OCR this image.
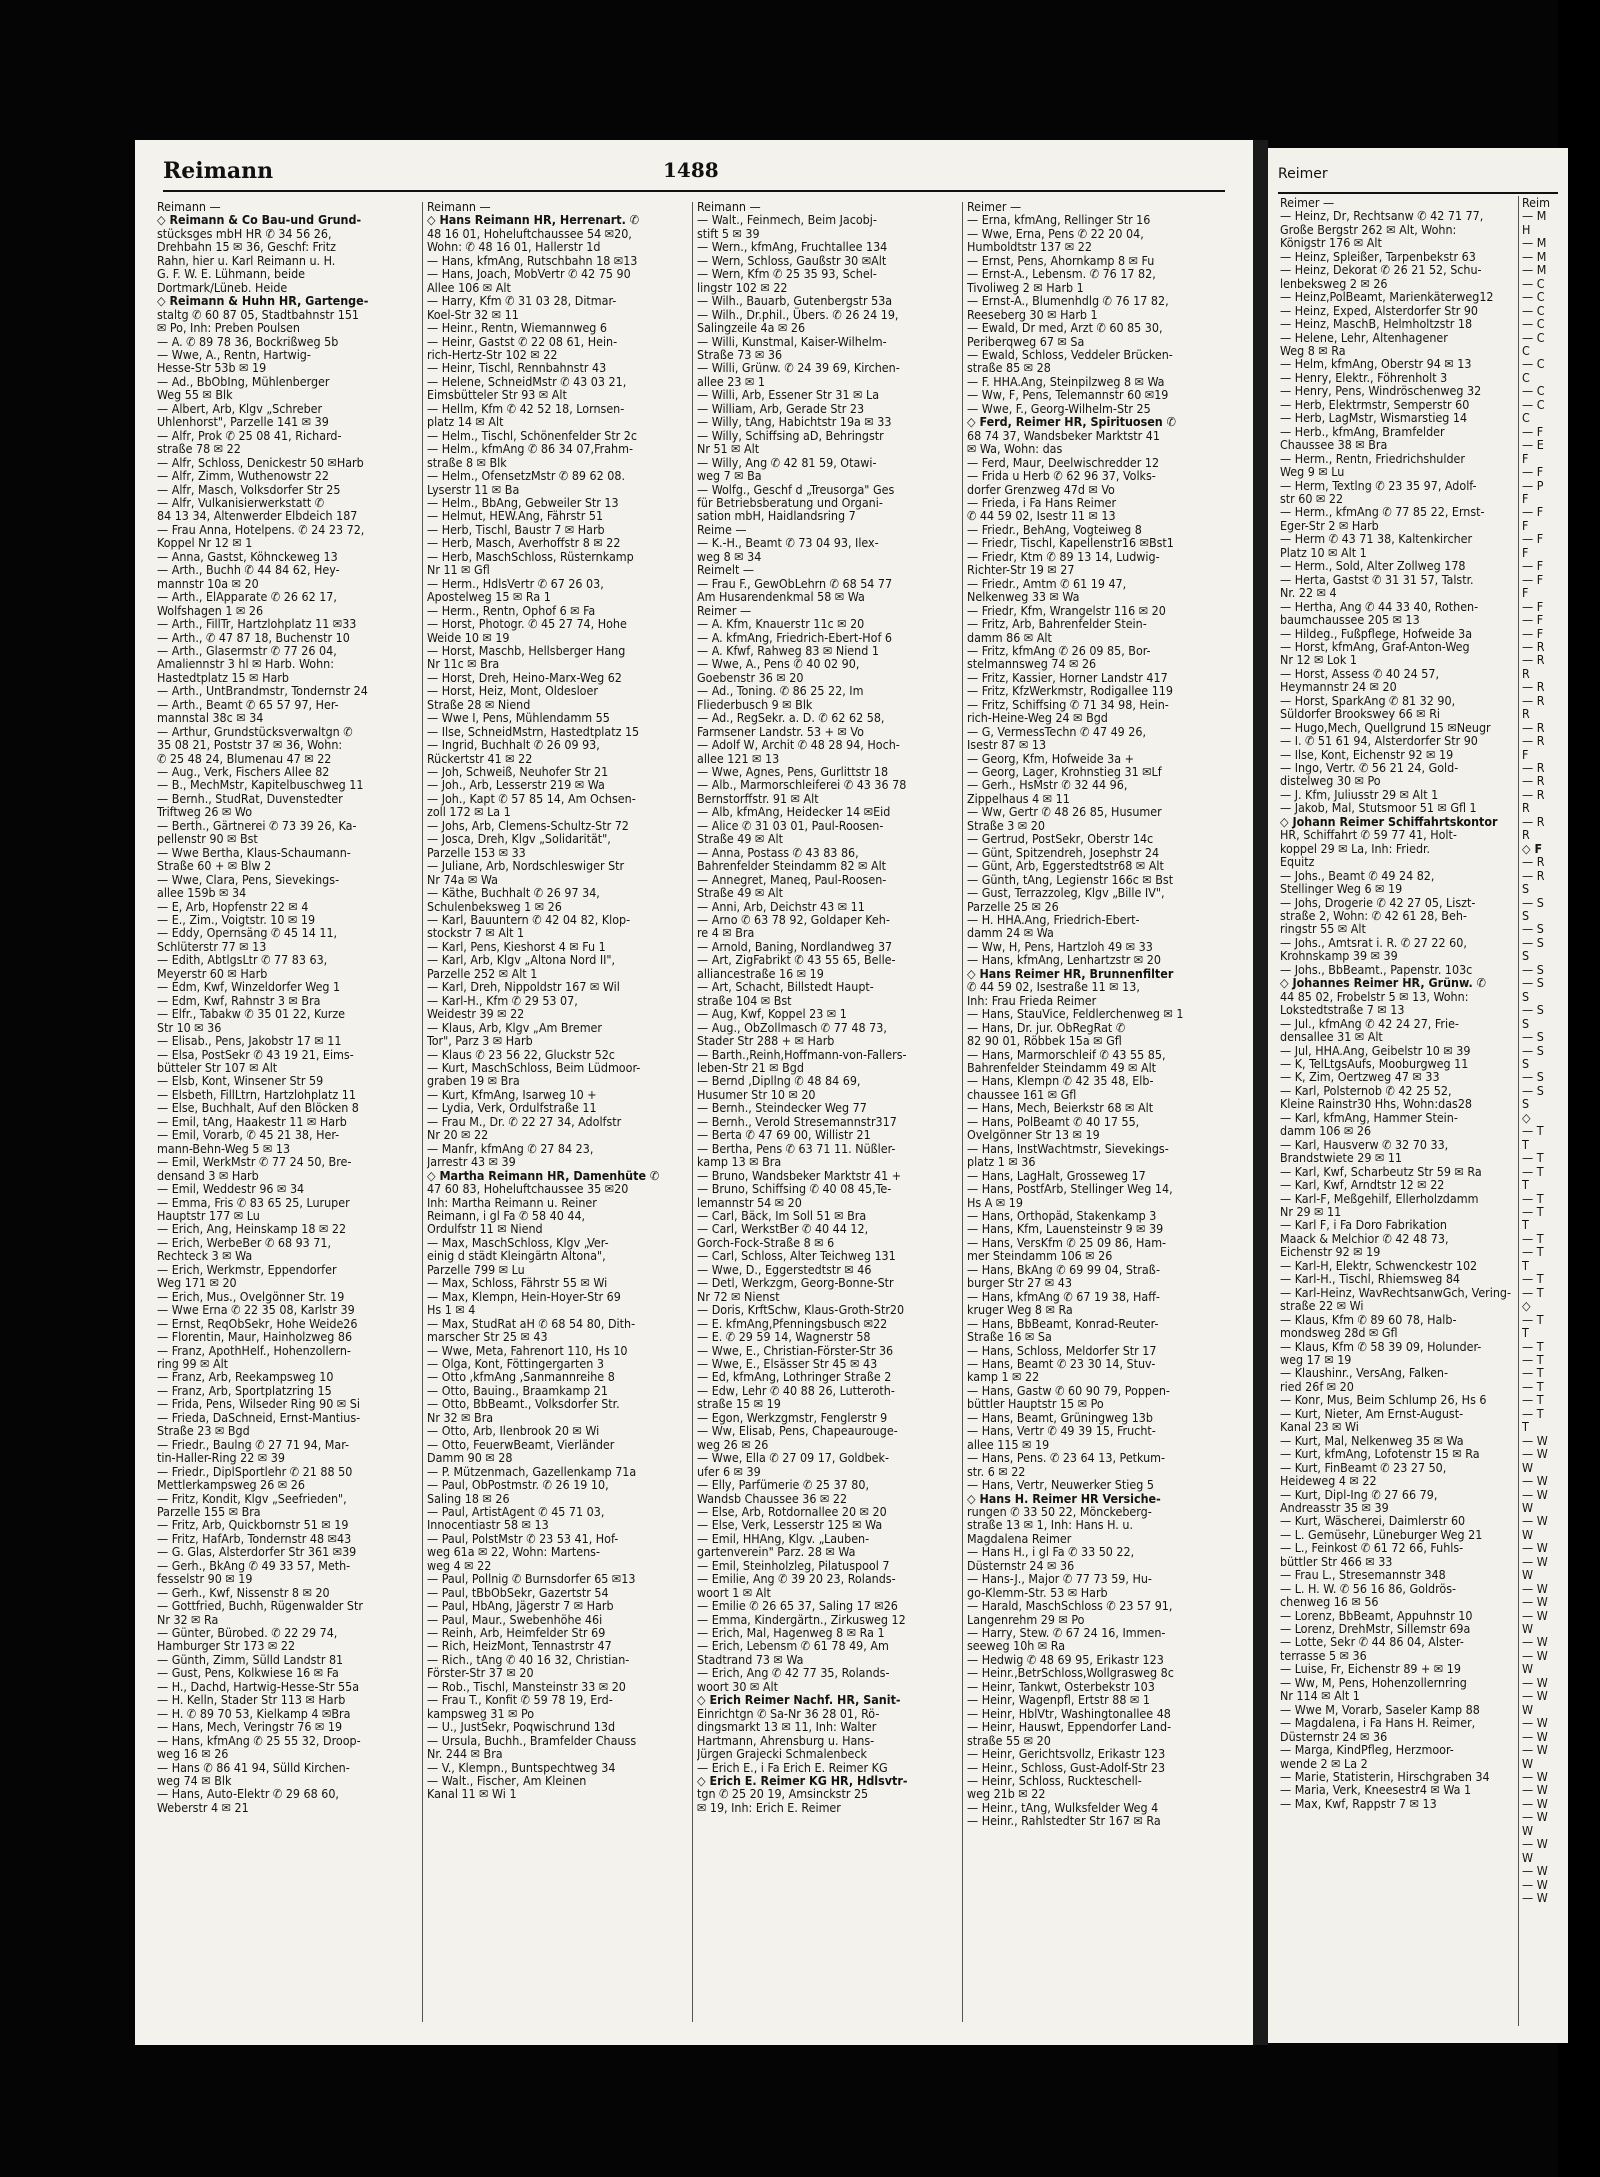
Reimann	1488
Reimann —
◇ Reimann & Co Bau-und Grund-
stücksges mbH HR ✆ 34 56 26,
Drehbahn 15 ✉ 36, Geschf: Fritz
Rahn, hier u. Karl Reimann u. H.
G. F. W. E. Lühmann, beide
Dortmark/Lüneb. Heide
◇ Reimann & Huhn HR, Gartenge-
staltg ✆ 60 87 05, Stadtbahnstr 151
✉ Po, Inh: Preben Poulsen
— A. ✆ 89 78 36, Bockrißweg 5b
— Wwe, A., Rentn, Hartwig-
Hesse-Str 53b ✉ 19
— Ad., BbObIng, Mühlenberger
Weg 55 ✉ Blk
— Albert, Arb, Klgv „Schreber
Uhlenhorst", Parzelle 141 ✉ 39
— Alfr, Prok ✆ 25 08 41, Richard-
straße 78 ✉ 22
— Alfr, Schloss, Denickestr 50 ✉Harb
— Alfr, Zimm, Wuthenowstr 22
— Alfr, Masch, Volksdorfer Str 25
— Alfr, Vulkanisierwerkstatt ✆
84 13 34, Altenwerder Elbdeich 187
— Frau Anna, Hotelpens. ✆ 24 23 72,
Koppel Nr 12 ✉ 1
— Anna, Gastst, Köhnckeweg 13
— Arth., Buchh ✆ 44 84 62, Hey-
mannstr 10a ✉ 20
— Arth., ElApparate ✆ 26 62 17,
Wolfshagen 1 ✉ 26
— Arth., FillTr, Hartzlohplatz 11 ✉33
— Arth., ✆ 47 87 18, Buchenstr 10
— Arth., Glasermstr ✆ 77 26 04,
Amaliennstr 3 hl ✉ Harb. Wohn:
Hastedtplatz 15 ✉ Harb
— Arth., UntBrandmstr, Tondernstr 24
— Arth., Beamt ✆ 65 57 97, Her-
mannstal 38c ✉ 34
— Arthur, Grundstücksverwaltgn ✆
35 08 21, Poststr 37 ✉ 36, Wohn:
✆ 25 48 24, Blumenau 47 ✉ 22
— Aug., Verk, Fischers Allee 82
— B., MechMstr, Kapitelbuschweg 11
— Bernh., StudRat, Duvenstedter
Triftweg 26 ✉ Wo
— Berth., Gärtnerei ✆ 73 39 26, Ka-
pellenstr 90 ✉ Bst
— Wwe Bertha, Klaus-Schaumann-
Straße 60 + ✉ Blw 2
— Wwe, Clara, Pens, Sievekings-
allee 159b ✉ 34
— E, Arb, Hopfenstr 22 ✉ 4
— E., Zim., Voigtstr. 10 ✉ 19
— Eddy, Opernsäng ✆ 45 14 11,
Schlüterstr 77 ✉ 13
— Edith, AbtlgsLtr ✆ 77 83 63,
Meyerstr 60 ✉ Harb
— Edm, Kwf, Winzeldorfer Weg 1
— Edm, Kwf, Rahnstr 3 ✉ Bra
— Elfr., Tabakw ✆ 35 01 22, Kurze
Str 10 ✉ 36
— Elisab., Pens, Jakobstr 17 ✉ 11
— Elsa, PostSekr ✆ 43 19 21, Eims-
bütteler Str 107 ✉ Alt
— Elsb, Kont, Winsener Str 59
— Elsbeth, FillLtrn, Hartzlohplatz 11
— Else, Buchhalt, Auf den Blöcken 8
— Emil, tAng, Haakestr 11 ✉ Harb
— Emil, Vorarb, ✆ 45 21 38, Her-
mann-Behn-Weg 5 ✉ 13
— Emil, WerkMstr ✆ 77 24 50, Bre-
densand 3 ✉ Harb
— Emil, Weddestr 96 ✉ 34
— Emma, Fris ✆ 83 65 25, Luruper
Hauptstr 177 ✉ Lu
— Erich, Ang, Heinskamp 18 ✉ 22
— Erich, WerbeBer ✆ 68 93 71,
Rechteck 3 ✉ Wa
— Erich, Werkmstr, Eppendorfer
Weg 171 ✉ 20
— Erich, Mus., Ovelgönner Str. 19
— Wwe Erna ✆ 22 35 08, Karlstr 39
— Ernst, ReqObSekr, Hohe Weide26
— Florentin, Maur, Hainholzweg 86
— Franz, ApothHelf., Hohenzollern-
ring 99 ✉ Alt
— Franz, Arb, Reekampsweg 10
— Franz, Arb, Sportplatzring 15
— Frida, Pens, Wilseder Ring 90 ✉ Si
— Frieda, DaSchneid, Ernst-Mantius-
Straße 23 ✉ Bgd
— Friedr., Baulng ✆ 27 71 94, Mar-
tin-Haller-Ring 22 ✉ 39
— Friedr., DiplSportlehr ✆ 21 88 50
Mettlerkampsweg 26 ✉ 26
— Fritz, Kondit, Klgv „Seefrieden",
Parzelle 155 ✉ Bra
— Fritz, Arb, Quickbornstr 51 ✉ 19
— Fritz, HafArb, Tondernstr 48 ✉43
— G. Glas, Alsterdorfer Str 361 ✉39
— Gerh., BkAng ✆ 49 33 57, Meth-
fesselstr 90 ✉ 19
— Gerh., Kwf, Nissenstr 8 ✉ 20
— Gottfried, Buchh, Rügenwalder Str
Nr 32 ✉ Ra
— Günter, Bürobed. ✆ 22 29 74,
Hamburger Str 173 ✉ 22
— Günth, Zimm, Sülld Landstr 81
— Gust, Pens, Kolkwiese 16 ✉ Fa
— H., Dachd, Hartwig-Hesse-Str 55a
— H. Kelln, Stader Str 113 ✉ Harb
— H. ✆ 89 70 53, Kielkamp 4 ✉Bra
— Hans, Mech, Veringstr 76 ✉ 19
— Hans, kfmAng ✆ 25 55 32, Droop-
weg 16 ✉ 26
— Hans ✆ 86 41 94, Sülld Kirchen-
weg 74 ✉ Blk
— Hans, Auto-Elektr ✆ 29 68 60,
Weberstr 4 ✉ 21
Reimann —
◇ Hans Reimann HR, Herrenart. ✆
48 16 01, Hoheluftchaussee 54 ✉20,
Wohn: ✆ 48 16 01, Hallerstr 1d
— Hans, kfmAng, Rutschbahn 18 ✉13
— Hans, Joach, MobVertr ✆ 42 75 90
Allee 106 ✉ Alt
— Harry, Kfm ✆ 31 03 28, Ditmar-
Koel-Str 32 ✉ 11
— Heinr., Rentn, Wiemannweg 6
— Heinr, Gastst ✆ 22 08 61, Hein-
rich-Hertz-Str 102 ✉ 22
— Heinr, Tischl, Rennbahnstr 43
— Helene, SchneidMstr ✆ 43 03 21,
Eimsbütteler Str 93 ✉ Alt
— Hellm, Kfm ✆ 42 52 18, Lornsen-
platz 14 ✉ Alt
— Helm., Tischl, Schönenfelder Str 2c
— Helm., kfmAng ✆ 86 34 07,Frahm-
straße 8 ✉ Blk
— Helm., OfensetzMstr ✆ 89 62 08.
Lyserstr 11 ✉ Ba
— Helm., BbAng, Gebweiler Str 13
— Helmut, HEW.Ang, Fährstr 51
— Herb, Tischl, Baustr 7 ✉ Harb
— Herb, Masch, Averhoffstr 8 ✉ 22
— Herb, MaschSchloss, Rüsternkamp
Nr 11 ✉ Gfl
— Herm., HdlsVertr ✆ 67 26 03,
Apostelweg 15 ✉ Ra 1
— Herm., Rentn, Ophof 6 ✉ Fa
— Horst, Photogr. ✆ 45 27 74, Hohe
Weide 10 ✉ 19
— Horst, Maschb, Hellsberger Hang
Nr 11c ✉ Bra
— Horst, Dreh, Heino-Marx-Weg 62
— Horst, Heiz, Mont, Oldesloer
Straße 28 ✉ Niend
— Wwe I, Pens, Mühlendamm 55
— Ilse, SchneidMstrn, Hastedtplatz 15
— Ingrid, Buchhalt ✆ 26 09 93,
Rückertstr 41 ✉ 22
— Joh, Schweiß, Neuhofer Str 21
— Joh., Arb, Lesserstr 219 ✉ Wa
— Joh., Kapt ✆ 57 85 14, Am Ochsen-
zoll 172 ✉ La 1
— Johs, Arb, Clemens-Schultz-Str 72
— Josca, Dreh, Klgv „Solidarität",
Parzelle 153 ✉ 33
— Juliane, Arb, Nordschleswiger Str
Nr 74a ✉ Wa
— Käthe, Buchhalt ✆ 26 97 34,
Schulenbeksweg 1 ✉ 26
— Karl, Bauuntern ✆ 42 04 82, Klop-
stockstr 7 ✉ Alt 1
— Karl, Pens, Kieshorst 4 ✉ Fu 1
— Karl, Arb, Klgv „Altona Nord II",
Parzelle 252 ✉ Alt 1
— Karl, Dreh, Nippoldstr 167 ✉ Wil
— Karl-H., Kfm ✆ 29 53 07,
Weidestr 39 ✉ 22
— Klaus, Arb, Klgv „Am Bremer
Tor", Parz 3 ✉ Harb
— Klaus ✆ 23 56 22, Gluckstr 52c
— Kurt, MaschSchloss, Beim Lüdmoor-
graben 19 ✉ Bra
— Kurt, KfmAng, Isarweg 10 +
— Lydia, Verk, Ordulfstraße 11
— Frau M., Dr. ✆ 22 27 34, Adolfstr
Nr 20 ✉ 22
— Manfr, kfmAng ✆ 27 84 23,
Jarrestr 43 ✉ 39
◇ Martha Reimann HR, Damenhüte ✆
47 60 83, Hoheluftchaussee 35 ✉20
Inh: Martha Reimann u. Reiner
Reimann, i gl Fa ✆ 58 40 44,
Ordulfstr 11 ✉ Niend
— Max, MaschSchloss, Klgv „Ver-
einig d städt Kleingärtn Altona",
Parzelle 799 ✉ Lu
— Max, Schloss, Fährstr 55 ✉ Wi
— Max, Klempn, Hein-Hoyer-Str 69
Hs 1 ✉ 4
— Max, StudRat aH ✆ 68 54 80, Dith-
marscher Str 25 ✉ 43
— Wwe, Meta, Fahrenort 110, Hs 10
— Olga, Kont, Föttingergarten 3
— Otto ,kfmAng ,Sanmannreihe 8
— Otto, Bauing., Braamkamp 21
— Otto, BbBeamt., Volksdorfer Str.
Nr 32 ✉ Bra
— Otto, Arb, Ilenbrook 20 ✉ Wi
— Otto, FeuerwBeamt, Vierländer
Damm 90 ✉ 28
— P. Mützenmach, Gazellenkamp 71a
— Paul, ObPostmstr. ✆ 26 19 10,
Saling 18 ✉ 26
— Paul, ArtistAgent ✆ 45 71 03,
Innocentiastr 58 ✉ 13
— Paul, PolstMstr ✆ 23 53 41, Hof-
weg 61a ✉ 22, Wohn: Martens-
weg 4 ✉ 22
— Paul, Pollnig ✆ Burnsdorfer 65 ✉13
— Paul, tBbObSekr, Gazertstr 54
— Paul, HbAng, Jägerstr 7 ✉ Harb
— Paul, Maur., Swebenhöhe 46i
— Reinh, Arb, Heimfelder Str 69
— Rich, HeizMont, Tennastrstr 47
— Rich., tAng ✆ 40 16 32, Christian-
Förster-Str 37 ✉ 20
— Rob., Tischl, Mansteinstr 33 ✉ 20
— Frau T., Konfit ✆ 59 78 19, Erd-
kampsweg 31 ✉ Po
— U., JustSekr, Poqwischrund 13d
— Ursula, Buchh., Bramfelder Chauss
Nr. 244 ✉ Bra
— V., Klempn., Buntspechtweg 34
— Walt., Fischer, Am Kleinen
Kanal 11 ✉ Wi 1
Reimann —
— Walt., Feinmech, Beim Jacobj-
stift 5 ✉ 39
— Wern., kfmAng, Fruchtallee 134
— Wern, Schloss, Gaußstr 30 ✉Alt
— Wern, Kfm ✆ 25 35 93, Schel-
lingstr 102 ✉ 22
— Wilh., Bauarb, Gutenbergstr 53a
— Wilh., Dr.phil., Übers. ✆ 26 24 19,
Salingzeile 4a ✉ 26
— Willi, Kunstmal, Kaiser-Wilhelm-
Straße 73 ✉ 36
— Willi, Grünw. ✆ 24 39 69, Kirchen-
allee 23 ✉ 1
— Willi, Arb, Essener Str 31 ✉ La
— William, Arb, Gerade Str 23
— Willy, tAng, Habichtstr 19a ✉ 33
— Willy, Schiffsing aD, Behringstr
Nr 51 ✉ Alt
— Willy, Ang ✆ 42 81 59, Otawi-
weg 7 ✉ Ba
— Wolfg., Geschf d „Treusorga" Ges
für Betriebsberatung und Organi-
sation mbH, Haidlandsring 7
Reime —
— K.-H., Beamt ✆ 73 04 93, Ilex-
weg 8 ✉ 34
Reimelt —
— Frau F., GewObLehrn ✆ 68 54 77
Am Husarendenkmal 58 ✉ Wa
Reimer —
— A. Kfm, Knauerstr 11c ✉ 20
— A. kfmAng, Friedrich-Ebert-Hof 6
— A. Kfwf, Rahweg 83 ✉ Niend 1
— Wwe, A., Pens ✆ 40 02 90,
Goebenstr 36 ✉ 20
— Ad., Toning. ✆ 86 25 22, Im
Fliederbusch 9 ✉ Blk
— Ad., RegSekr. a. D. ✆ 62 62 58,
Farmsener Landstr. 53 + ✉ Vo
— Adolf W, Archit ✆ 48 28 94, Hoch-
allee 121 ✉ 13
— Wwe, Agnes, Pens, Gurlittstr 18
— Alb., Marmorschleiferei ✆ 43 36 78
Bernstorffstr. 91 ✉ Alt
— Alb, kfmAng, Heidecker 14 ✉Eid
— Alice ✆ 31 03 01, Paul-Roosen-
Straße 49 ✉ Alt
— Anna, Postass ✆ 43 83 86,
Bahrenfelder Steindamm 82 ✉ Alt
— Annegret, Maneq, Paul-Roosen-
Straße 49 ✉ Alt
— Anni, Arb, Deichstr 43 ✉ 11
— Arno ✆ 63 78 92, Goldaper Keh-
re 4 ✉ Bra
— Arnold, Baning, Nordlandweg 37
— Art, ZigFabrikt ✆ 43 55 65, Belle-
alliancestraße 16 ✉ 19
— Art, Schacht, Billstedt Haupt-
straße 104 ✉ Bst
— Aug, Kwf, Koppel 23 ✉ 1
— Aug., ObZollmasch ✆ 77 48 73,
Stader Str 288 + ✉ Harb
— Barth.,Reinh,Hoffmann-von-Fallers-
leben-Str 21 ✉ Bgd
— Bernd ,Dipllng ✆ 48 84 69,
Husumer Str 10 ✉ 20
— Bernh., Steindecker Weg 77
— Bernh., Verold Stresemannstr317
— Berta ✆ 47 69 00, Willistr 21
— Bertha, Pens ✆ 63 71 11. Nüßler-
kamp 13 ✉ Bra
— Bruno, Wandsbeker Marktstr 41 +
— Bruno, Schiffsing ✆ 40 08 45,Te-
lemannstr 54 ✉ 20
— Carl, Bäck, Im Soll 51 ✉ Bra
— Carl, WerkstBer ✆ 40 44 12,
Gorch-Fock-Straße 8 ✉ 6
— Carl, Schloss, Alter Teichweg 131
— Wwe, D., Eggerstedtstr ✉ 46
— Detl, Werkzgm, Georg-Bonne-Str
Nr 72 ✉ Nienst
— Doris, KrftSchw, Klaus-Groth-Str20
— E. kfmAng,Pfenningsbusch ✉22
— E. ✆ 29 59 14, Wagnerstr 58
— Wwe, E., Christian-Förster-Str 36
— Wwe, E., Elsässer Str 45 ✉ 43
— Ed, kfmAng, Lothringer Straße 2
— Edw, Lehr ✆ 40 88 26, Lutteroth-
straße 15 ✉ 19
— Egon, Werkzgmstr, Fenglerstr 9
— Ww, Elisab, Pens, Chapeaurouge-
weg 26 ✉ 26
— Wwe, Ella ✆ 27 09 17, Goldbek-
ufer 6 ✉ 39
— Elly, Parfümerie ✆ 25 37 80,
Wandsb Chaussee 36 ✉ 22
— Else, Arb, Rotdornallee 20 ✉ 20
— Else, Verk, Lesserstr 125 ✉ Wa
— Emil, HHAng, Klgv. „Lauben-
gartenverein" Parz. 28 ✉ Wa
— Emil, Steinholzleg, Pilatuspool 7
— Emilie, Ang ✆ 39 20 23, Rolands-
woort 1 ✉ Alt
— Emilie ✆ 26 65 37, Saling 17 ✉26
— Emma, Kindergärtn., Zirkusweg 12
— Erich, Mal, Hagenweg 8 ✉ Ra 1
— Erich, Lebensm ✆ 61 78 49, Am
Stadtrand 73 ✉ Wa
— Erich, Ang ✆ 42 77 35, Rolands-
woort 30 ✉ Alt
◇ Erich Reimer Nachf. HR, Sanit-
Einrichtgn ✆ Sa-Nr 36 28 01, Rö-
dingsmarkt 13 ✉ 11, Inh: Walter
Hartmann, Ahrensburg u. Hans-
Jürgen Grajecki Schmalenbeck
— Erich E., i Fa Erich E. Reimer KG
◇ Erich E. Reimer KG HR, Hdlsvtr-
tgn ✆ 25 20 19, Amsinckstr 25
✉ 19, Inh: Erich E. Reimer
Reimer —
— Erna, kfmAng, Rellinger Str 16
— Wwe, Erna, Pens ✆ 22 20 04,
Humboldtstr 137 ✉ 22
— Ernst, Pens, Ahornkamp 8 ✉ Fu
— Ernst-A., Lebensm. ✆ 76 17 82,
Tivoliweg 2 ✉ Harb 1
— Ernst-A., Blumenhdlg ✆ 76 17 82,
Reeseberg 30 ✉ Harb 1
— Ewald, Dr med, Arzt ✆ 60 85 30,
Periberqweg 67 ✉ Sa
— Ewald, Schloss, Veddeler Brücken-
straße 85 ✉ 28
— F. HHA.Ang, Steinpilzweg 8 ✉ Wa
— Ww, F, Pens, Telemannstr 60 ✉19
— Wwe, F., Georg-Wilhelm-Str 25
◇ Ferd, Reimer HR, Spirituosen ✆
68 74 37, Wandsbeker Marktstr 41
✉ Wa, Wohn: das
— Ferd, Maur, Deelwischredder 12
— Frida u Herb ✆ 62 96 37, Volks-
dorfer Grenzweg 47d ✉ Vo
— Frieda, i Fa Hans Reimer
✆ 44 59 02, Isestr 11 ✉ 13
— Friedr., BehAng, Vogteiweg 8
— Friedr, Tischl, Kapellenstr16 ✉Bst1
— Friedr, Ktm ✆ 89 13 14, Ludwig-
Richter-Str 19 ✉ 27
— Friedr., Amtm ✆ 61 19 47,
Nelkenweg 33 ✉ Wa
— Friedr, Kfm, Wrangelstr 116 ✉ 20
— Fritz, Arb, Bahrenfelder Stein-
damm 86 ✉ Alt
— Fritz, kfmAng ✆ 26 09 85, Bor-
stelmannsweg 74 ✉ 26
— Fritz, Kassier, Horner Landstr 417
— Fritz, KfzWerkmstr, Rodigallee 119
— Fritz, Schiffsing ✆ 71 34 98, Hein-
rich-Heine-Weg 24 ✉ Bgd
— G, VermessTechn ✆ 47 49 26,
Isestr 87 ✉ 13
— Georg, Kfm, Hofweide 3a +
— Georg, Lager, Krohnstieg 31 ✉Lf
— Gerh., HsMstr ✆ 32 44 96,
Zippelhaus 4 ✉ 11
— Ww, Gertr ✆ 48 26 85, Husumer
Straße 3 ✉ 20
— Gertrud, PostSekr, Oberstr 14c
— Günt, Spitzendreh, Josephstr 24
— Günt, Arb, Eggerstedtstr68 ✉ Alt
— Günth, tAng, Legienstr 166c ✉ Bst
— Gust, Terrazzoleg, Klgv „Bille IV",
Parzelle 25 ✉ 26
— H. HHA.Ang, Friedrich-Ebert-
damm 24 ✉ Wa
— Ww, H, Pens, Hartzloh 49 ✉ 33
— Hans, kfmAng, Lenhartzstr ✉ 20
◇ Hans Reimer HR, Brunnenfilter
✆ 44 59 02, Isestraße 11 ✉ 13,
Inh: Frau Frieda Reimer
— Hans, StauVice, Feldlerchenweg ✉ 1
— Hans, Dr. jur. ObRegRat ✆
82 90 01, Röbbek 15a ✉ Gfl
— Hans, Marmorschleif ✆ 43 55 85,
Bahrenfelder Steindamm 49 ✉ Alt
— Hans, Klempn ✆ 42 35 48, Elb-
chaussee 161 ✉ Gfl
— Hans, Mech, Beierkstr 68 ✉ Alt
— Hans, PolBeamt ✆ 40 17 55,
Ovelgönner Str 13 ✉ 19
— Hans, InstWachtmstr, Sievekings-
platz 1 ✉ 36
— Hans, LagHalt, Grosseweg 17
— Hans, PostfArb, Stellinger Weg 14,
Hs A ✉ 19
— Hans, Orthopäd, Stakenkamp 3
— Hans, Kfm, Lauensteinstr 9 ✉ 39
— Hans, VersKfm ✆ 25 09 86, Ham-
mer Steindamm 106 ✉ 26
— Hans, BkAng ✆ 69 99 04, Straß-
burger Str 27 ✉ 43
— Hans, kfmAng ✆ 67 19 38, Haff-
kruger Weg 8 ✉ Ra
— Hans, BbBeamt, Konrad-Reuter-
Straße 16 ✉ Sa
— Hans, Schloss, Meldorfer Str 17
— Hans, Beamt ✆ 23 30 14, Stuv-
kamp 1 ✉ 22
— Hans, Gastw ✆ 60 90 79, Poppen-
büttler Hauptstr 15 ✉ Po
— Hans, Beamt, Grüningweg 13b
— Hans, Vertr ✆ 49 39 15, Frucht-
allee 115 ✉ 19
— Hans, Pens. ✆ 23 64 13, Petkum-
str. 6 ✉ 22
— Hans, Vertr, Neuwerker Stieg 5
◇ Hans H. Reimer HR Versiche-
rungen ✆ 33 50 22, Mönckeberg-
straße 13 ✉ 1, Inh: Hans H. u.
Magdalena Reimer
— Hans H., i gl Fa ✆ 33 50 22,
Düsternstr 24 ✉ 36
— Hans-J., Major ✆ 77 73 59, Hu-
go-Klemm-Str. 53 ✉ Harb
— Harald, MaschSchloss ✆ 23 57 91,
Langenrehm 29 ✉ Po
— Harry, Stew. ✆ 67 24 16, Immen-
seeweg 10h ✉ Ra
— Hedwig ✆ 48 69 95, Erikastr 123
— Heinr.,BetrSchloss,Wollgrasweg 8c
— Heinr, Tankwt, Osterbekstr 103
— Heinr, Wagenpfl, Ertstr 88 ✉ 1
— Heinr, HblVtr, Washingtonallee 48
— Heinr, Hauswt, Eppendorfer Land-
straße 55 ✉ 20
— Heinr, Gerichtsvollz, Erikastr 123
— Heinr., Schloss, Gust-Adolf-Str 23
— Heinr, Schloss, Ruckteschell-
weg 21b ✉ 22
— Heinr., tAng, Wulksfelder Weg 4
— Heinr., Rahlstedter Str 167 ✉ Ra
Reimer
Reimer —
— Heinz, Dr, Rechtsanw ✆ 42 71 77,
Große Bergstr 262 ✉ Alt, Wohn:
Königstr 176 ✉ Alt
— Heinz, Spleißer, Tarpenbekstr 63
— Heinz, Dekorat ✆ 26 21 52, Schu-
lenbeksweg 2 ✉ 26
— Heinz,PolBeamt, Marienkäterweg12
— Heinz, Exped, Alsterdorfer Str 90
— Heinz, MaschB, Helmholtzstr 18
— Helene, Lehr, Altenhagener
Weg 8 ✉ Ra
— Helm, kfmAng, Oberstr 94 ✉ 13
— Henry, Elektr., Föhrenholt 3
— Henry, Pens, Windröschenweg 32
— Herb, Elektrmstr, Semperstr 60
— Herb, LagMstr, Wismarstieg 14
— Herb., kfmAng, Bramfelder
Chaussee 38 ✉ Bra
— Herm., Rentn, Friedrichshulder
Weg 9 ✉ Lu
— Herm, Textlng ✆ 23 35 97, Adolf-
str 60 ✉ 22
— Herm., kfmAng ✆ 77 85 22, Ernst-
Eger-Str 2 ✉ Harb
— Herm ✆ 43 71 38, Kaltenkircher
Platz 10 ✉ Alt 1
— Herm., Sold, Alter Zollweg 178
— Herta, Gastst ✆ 31 31 57, Talstr.
Nr. 22 ✉ 4
— Hertha, Ang ✆ 44 33 40, Rothen-
baumchaussee 205 ✉ 13
— Hildeg., Fußpflege, Hofweide 3a
— Horst, kfmAng, Graf-Anton-Weg
Nr 12 ✉ Lok 1
— Horst, Assess ✆ 40 24 57,
Heymannstr 24 ✉ 20
— Horst, SparkAng ✆ 81 32 90,
Süldorfer Brookswey 66 ✉ Ri
— Hugo,Mech, Quellgrund 15 ✉Neugr
— I. ✆ 51 61 94, Alsterdorfer Str 90
— Ilse, Kont, Eichenstr 92 ✉ 19
— Ingo, Vertr. ✆ 56 21 24, Gold-
distelweg 30 ✉ Po
— J. Kfm, Juliusstr 29 ✉ Alt 1
— Jakob, Mal, Stutsmoor 51 ✉ Gfl 1
◇ Johann Reimer Schiffahrtskontor
HR, Schiffahrt ✆ 59 77 41, Holt-
koppel 29 ✉ La, Inh: Friedr.
Equitz
— Johs., Beamt ✆ 49 24 82,
Stellinger Weg 6 ✉ 19
— Johs, Drogerie ✆ 42 27 05, Liszt-
straße 2, Wohn: ✆ 42 61 28, Beh-
ringstr 55 ✉ Alt
— Johs., Amtsrat i. R. ✆ 27 22 60,
Krohnskamp 39 ✉ 39
— Johs., BbBeamt., Papenstr. 103c
◇ Johannes Reimer HR, Grünw. ✆
44 85 02, Frobelstr 5 ✉ 13, Wohn:
Lokstedtstraße 7 ✉ 13
— Jul., kfmAng ✆ 42 24 27, Frie-
densallee 31 ✉ Alt
— Jul, HHA.Ang, Geibelstr 10 ✉ 39
— K, TelLtgsAufs, Mooburgweg 11
— K, Zim, Oertzweg 47 ✉ 33
— Karl, Polsternob ✆ 42 25 52,
Kleine Rainstr30 Hhs, Wohn:das28
— Karl, kfmAng, Hammer Stein-
damm 106 ✉ 26
— Karl, Hausverw ✆ 32 70 33,
Brandstwiete 29 ✉ 11
— Karl, Kwf, Scharbeutz Str 59 ✉ Ra
— Karl, Kwf, Arndtstr 12 ✉ 22
— Karl-F, Meßgehilf, Ellerholzdamm
Nr 29 ✉ 11
— Karl F, i Fa Doro Fabrikation
Maack & Melchior ✆ 42 48 73,
Eichenstr 92 ✉ 19
— Karl-H, Elektr, Schwenckestr 102
— Karl-H., Tischl, Rhiemsweg 84
— Karl-Heinz, WavRechtsanwGch, Vering-
straße 22 ✉ Wi
— Klaus, Kfm ✆ 89 60 78, Halb-
mondsweg 28d ✉ Gfl
— Klaus, Kfm ✆ 58 39 09, Holunder-
weg 17 ✉ 19
— Klaushinr., VersAng, Falken-
ried 26f ✉ 20
— Konr, Mus, Beim Schlump 26, Hs 6
— Kurt, Nieter, Am Ernst-August-
Kanal 23 ✉ Wi
— Kurt, Mal, Nelkenweg 35 ✉ Wa
— Kurt, kfmAng, Lofotenstr 15 ✉ Ra
— Kurt, FinBeamt ✆ 23 27 50,
Heideweg 4 ✉ 22
— Kurt, Dipl-Ing ✆ 27 66 79,
Andreasstr 35 ✉ 39
— Kurt, Wäscherei, Daimlerstr 60
— L. Gemüsehr, Lüneburger Weg 21
— L., Feinkost ✆ 61 72 66, Fuhls-
büttler Str 466 ✉ 33
— Frau L., Stresemannstr 348
— L. H. W. ✆ 56 16 86, Goldrös-
chenweg 16 ✉ 56
— Lorenz, BbBeamt, Appuhnstr 10
— Lorenz, DrehMstr, Sillemstr 69a
— Lotte, Sekr ✆ 44 86 04, Alster-
terrasse 5 ✉ 36
— Luise, Fr, Eichenstr 89 + ✉ 19
— Ww, M, Pens, Hohenzollernring
Nr 114 ✉ Alt 1
— Wwe M, Vorarb, Saseler Kamp 88
— Magdalena, i Fa Hans H. Reimer,
Düsternstr 24 ✉ 36
— Marga, KindPfleg, Herzmoor-
wende 2 ✉ La 2
— Marie, Statisterin, Hirschgraben 34
— Maria, Verk, Kneesestr4 ✉ Wa 1
— Max, Kwf, Rappstr 7 ✉ 13
Reim
— M
H
— M
— M
— M
— C
— C
— C
— C
— C
C
— C
C
— C
— C
C
— F
— E
F
— F
— P
F
— F
F
— F
F
— F
— F
F
— F
— F
— F
— R
— R
R
— R
— R
R
— R
— R
F
— R
— R
— R
R
— R
R
◇ F
— R
— R
S
— S
S
— S
— S
S
— S
— S
S
— S
S
— S
— S
S
— S
— S
S
◇
— T
T
— T
— T
T
— T
— T
T
— T
— T
T
— T
— T
◇
— T
T
— T
— T
— T
— T
— T
— T
T
— W
— W
W
— W
— W
W
— W
W
— W
— W
W
— W
— W
— W
W
— W
— W
W
— W
— W
W
— W
— W
— W
W
— W
— W
— W
— W
W
— W
W
— W
— W
— W
